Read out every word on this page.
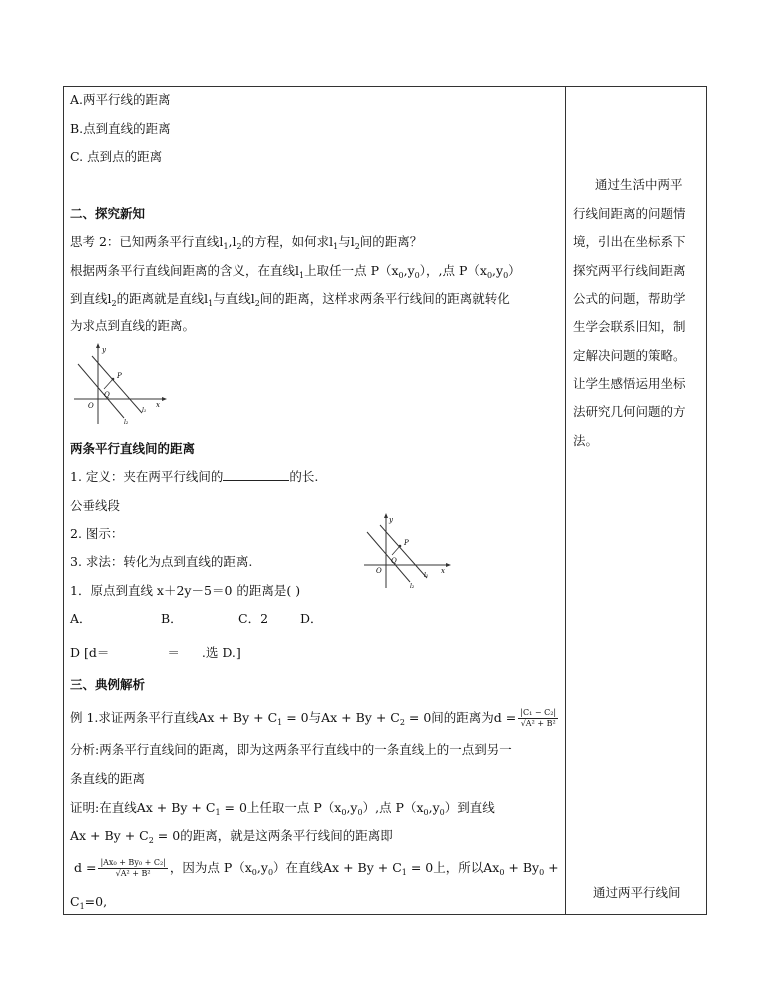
A.两平行线的距离
B.点到直线的距离
C. 点到点的距离
二、探究新知
思考 2：已知两条平行直线$l_1,l_2$的方程，如何求$l_1$与$l_2$间的距离？
根据两条平行直线间距离的含义，在直线$l_1$上取任一点 $P(x_0,y_0)$，,点 $P(x_0,y_0)$
到直线$l_2$的距离就是直线$l_1$与直线$l_2$间的距离，这样求两条平行线间的距离就转化
为求点到直线的距离。
y
x
O
P
Q
l₁
l₂
两条平行直线间的距离
1. 定义：夹在两平行线间的	的长.
公垂线段
2. 图示：
3. 求法：转化为点到直线的距离.
y
x
O
P
Q
l₁
l₂
1．原点到直线 x＋2y－5＝0 的距离是( )
A．	B．	C．2	D．
D [d＝	＝ .选 D.]
三、典例解析
例 1.求证两条平行直线$Ax + By + C_1 = 0$与$Ax + By + C_2 = 0$间的距离为$d = \frac{\text{|C₁ − C₂|}}{\text{√A² + B²}}$
分析:两条平行直线间的距离，即为这两条平行直线中的一条直线上的一点到另一
条直线的距离
证明:在直线$Ax + By + C_1 = 0$上任取一点 $P(x_0,y_0)$,点 $P(x_0,y_0)$到直线
$Ax + By + C_2 = 0$的距离，就是这两条平行线间的距离即
$d = \frac{\text{|Ax₀ + By₀ + C₂|}}{\text{√A² + B²}}$ ，因为点 $P(x_0,y_0)$在直线$Ax + By + C_1 = 0$上，所以$Ax_0 + By_0$ +
$C_1=0$,
通过生活中两平
行线间距离的问题情
境，引出在坐标系下
探究两平行线间距离
公式的问题，帮助学
生学会联系旧知，制
定解决问题的策略。
让学生感悟运用坐标
法研究几何问题的方
法。
通过两平行线间
